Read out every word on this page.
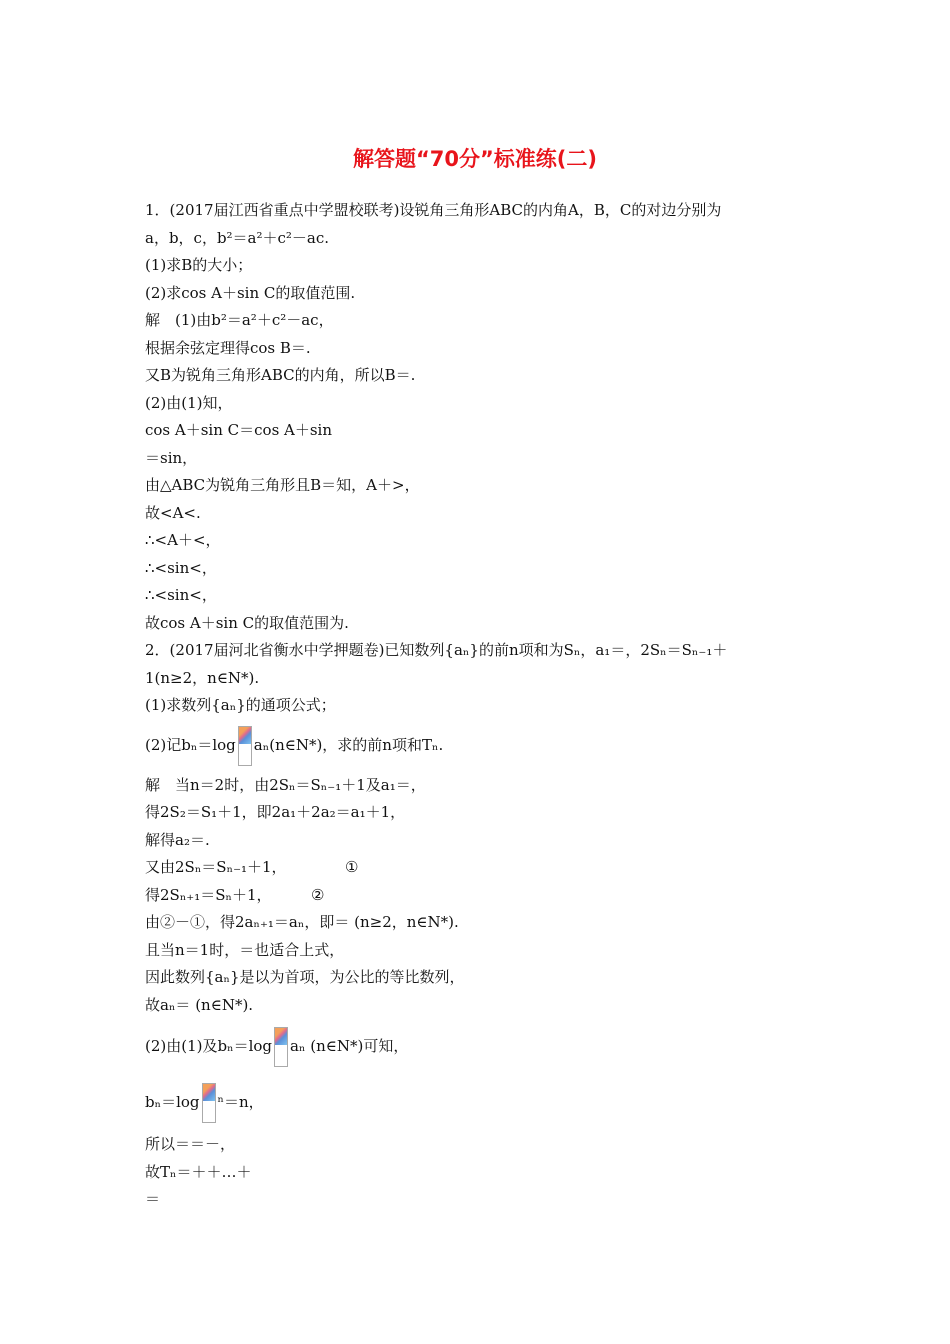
解答题“70分”标准练(二)
1．(2017届江西省重点中学盟校联考)设锐角三角形ABC的内角A，B，C的对边分别为
a，b，c，b²＝a²＋c²－ac.
(1)求B的大小；
(2)求cos A＋sin C的取值范围.
解　(1)由b²＝a²＋c²－ac，
根据余弦定理得cos B＝.
又B为锐角三角形ABC的内角，所以B＝.
(2)由(1)知，
cos A＋sin C＝cos A＋sin
＝sin，
由△ABC为锐角三角形且B＝知，A＋>，
故<A<.
∴<A＋<，
∴<sin<，
∴<sin<，
故cos A＋sin C的取值范围为.
2．(2017届河北省衡水中学押题卷)已知数列{aₙ}的前n项和为Sₙ，a₁＝，2Sₙ＝Sₙ₋₁＋
1(n≥2，n∈N*).
(1)求数列{aₙ}的通项公式；
(2)记bₙ＝log aₙ(n∈N*)，求的前n项和Tₙ.
解　当n＝2时，由2Sₙ＝Sₙ₋₁＋1及a₁＝，
得2S₂＝S₁＋1，即2a₁＋2a₂＝a₁＋1，
解得a₂＝.
又由2Sₙ＝Sₙ₋₁＋1，	①
得2Sₙ₊₁＝Sₙ＋1，	②
由②－①，得2aₙ₊₁＝aₙ，即＝ (n≥2，n∈N*).
且当n＝1时，＝也适合上式，
因此数列{aₙ}是以为首项，为公比的等比数列，
故aₙ＝ (n∈N*).
(2)由(1)及bₙ＝log aₙ (n∈N*)可知，
bₙ＝log ⁿ＝n，
所以＝＝－，
故Tₙ＝＋＋…＋
＝
